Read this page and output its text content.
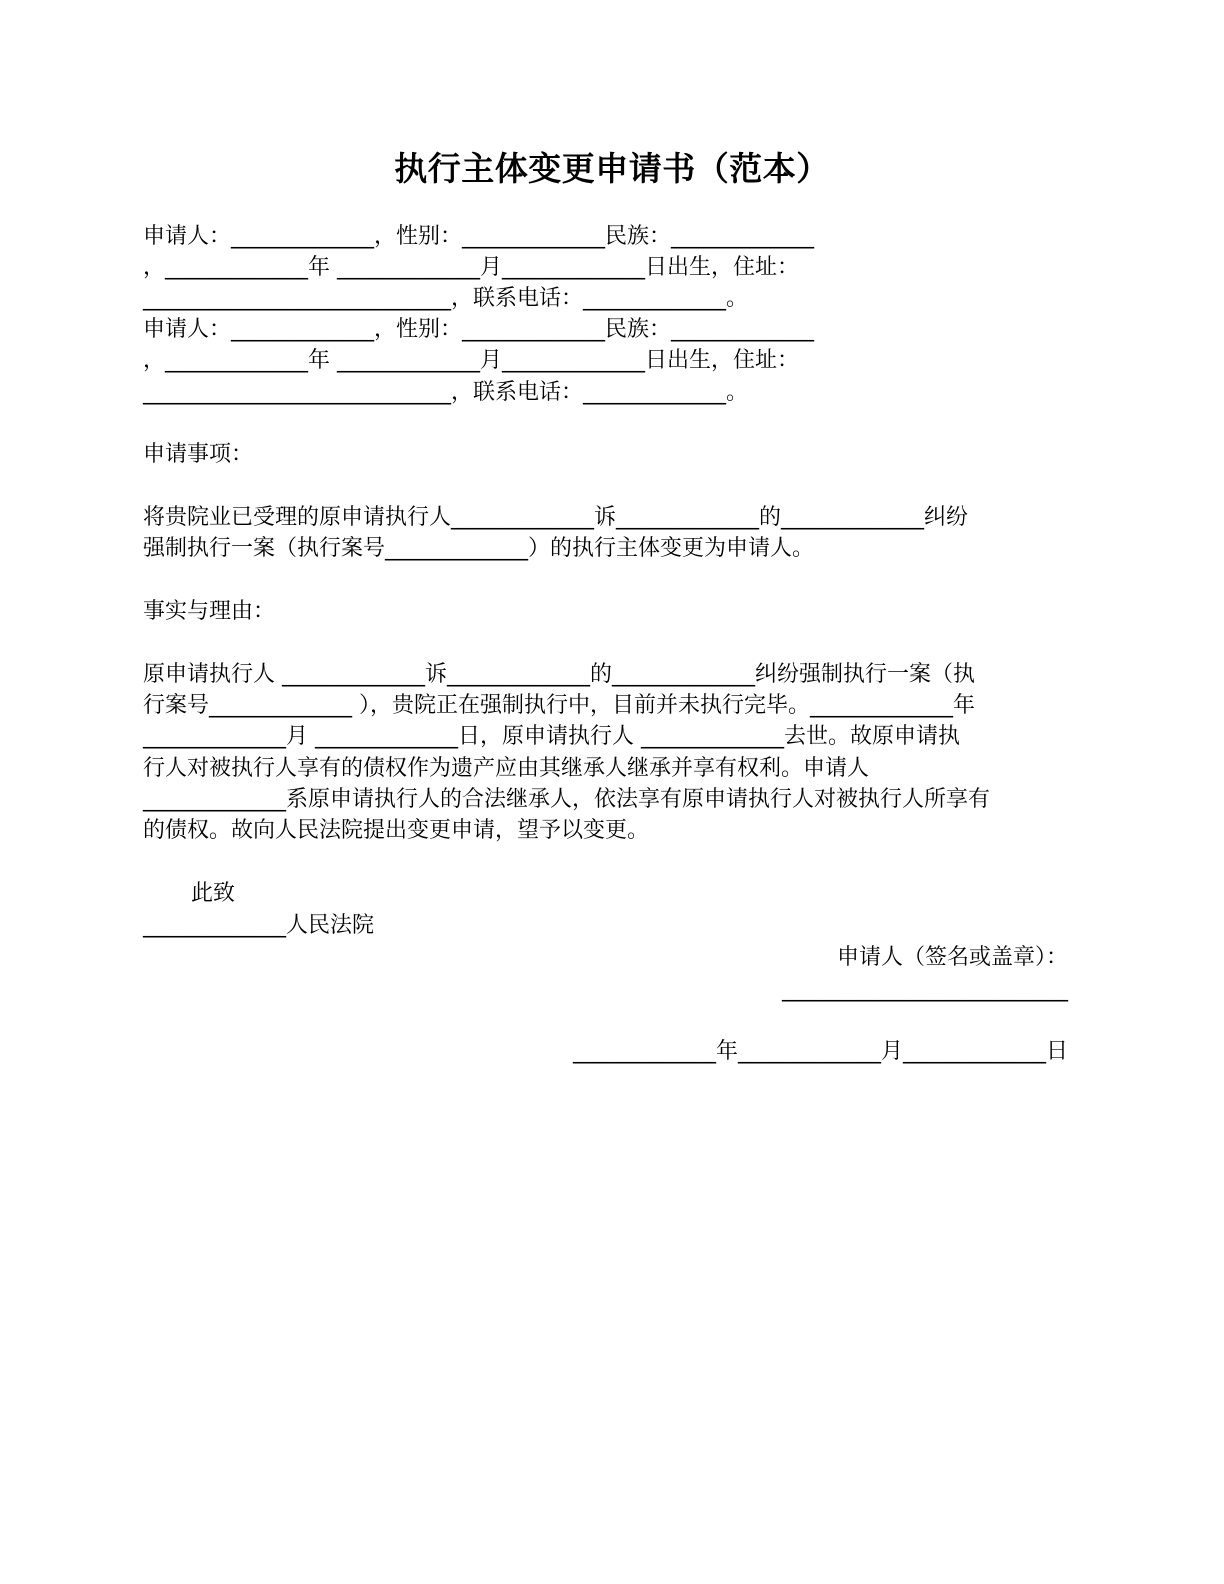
执行主体变更申请书（范本）
申请人：_____________，性别：_____________民族：_____________
，_____________年 _____________月_____________日出生，住址：
____________________________，联系电话：_____________。
申请人：_____________，性别：_____________民族：_____________
，_____________年 _____________月_____________日出生，住址：
____________________________，联系电话：_____________。
申请事项：
将贵院业已受理的原申请执行人_____________诉_____________的_____________纠纷
强制执行一案（执行案号_____________）的执行主体变更为申请人。
事实与理由：
原申请执行人 _____________诉_____________的_____________纠纷强制执行一案（执
行案号_____________ ），贵院正在强制执行中，目前并未执行完毕。_____________年
_____________月 _____________日，原申请执行人 _____________去世。故原申请执
行人对被执行人享有的债权作为遗产应由其继承人继承并享有权利。申请人
_____________系原申请执行人的合法继承人，依法享有原申请执行人对被执行人所享有
的债权。故向人民法院提出变更申请，望予以变更。
此致
_____________人民法院
申请人（签名或盖章）：
__________________________
_____________年_____________月_____________日
